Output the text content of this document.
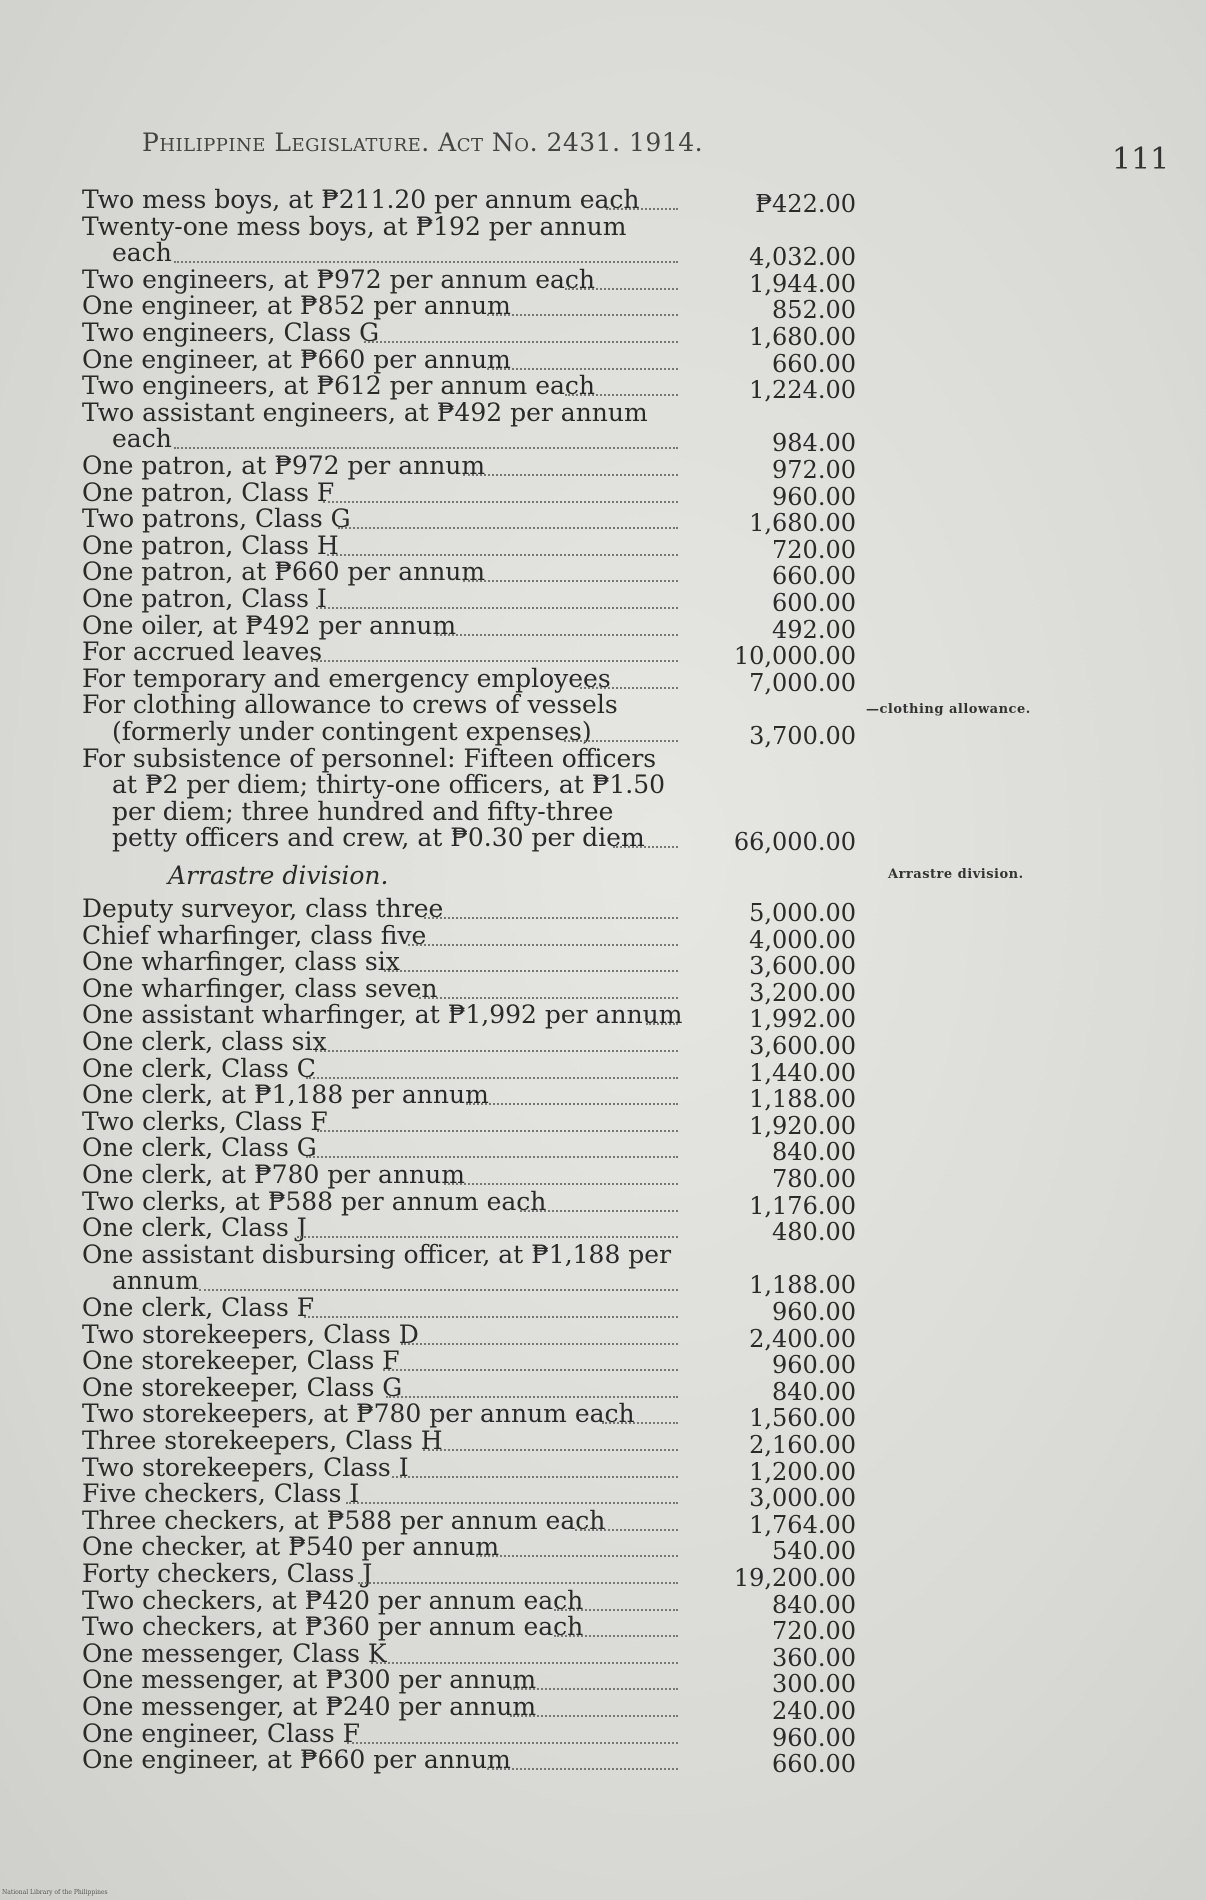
Philippine Legislature. Act No. 2431. 1914.	111
Two mess boys, at ₱211.20 per annum each	₱422.00
Twenty-one mess boys, at ₱192 per annum
each	4,032.00
Two engineers, at ₱972 per annum each	1,944.00
One engineer, at ₱852 per annum	852.00
Two engineers, Class G	1,680.00
One engineer, at ₱660 per annum	660.00
Two engineers, at ₱612 per annum each	1,224.00
Two assistant engineers, at ₱492 per annum
each	984.00
One patron, at ₱972 per annum	972.00
One patron, Class F	960.00
Two patrons, Class G	1,680.00
One patron, Class H	720.00
One patron, at ₱660 per annum	660.00
One patron, Class I	600.00
One oiler, at ₱492 per annum	492.00
For accrued leaves	10,000.00
For temporary and emergency employees	7,000.00
For clothing allowance to crews of vessels
(formerly under contingent expenses)	3,700.00
For subsistence of personnel: Fifteen officers
at ₱2 per diem; thirty-one officers, at ₱1.50
per diem; three hundred and fifty-three
petty officers and crew, at ₱0.30 per diem	66,000.00
Deputy surveyor, class three	5,000.00
Chief wharfinger, class five	4,000.00
One wharfinger, class six	3,600.00
One wharfinger, class seven	3,200.00
One assistant wharfinger, at ₱1,992 per annum	1,992.00
One clerk, class six	3,600.00
One clerk, Class C	1,440.00
One clerk, at ₱1,188 per annum	1,188.00
Two clerks, Class F	1,920.00
One clerk, Class G	840.00
One clerk, at ₱780 per annum	780.00
Two clerks, at ₱588 per annum each	1,176.00
One clerk, Class J	480.00
One assistant disbursing officer, at ₱1,188 per
annum	1,188.00
One clerk, Class F	960.00
Two storekeepers, Class D	2,400.00
One storekeeper, Class F	960.00
One storekeeper, Class G	840.00
Two storekeepers, at ₱780 per annum each	1,560.00
Three storekeepers, Class H	2,160.00
Two storekeepers, Class I	1,200.00
Five checkers, Class I	3,000.00
Three checkers, at ₱588 per annum each	1,764.00
One checker, at ₱540 per annum	540.00
Forty checkers, Class J	19,200.00
Two checkers, at ₱420 per annum each	840.00
Two checkers, at ₱360 per annum each	720.00
One messenger, Class K	360.00
One messenger, at ₱300 per annum	300.00
One messenger, at ₱240 per annum	240.00
One engineer, Class F	960.00
One engineer, at ₱660 per annum	660.00
Arrastre division.
—clothing allowance.
Arrastre division.
National Library of the Philippines
